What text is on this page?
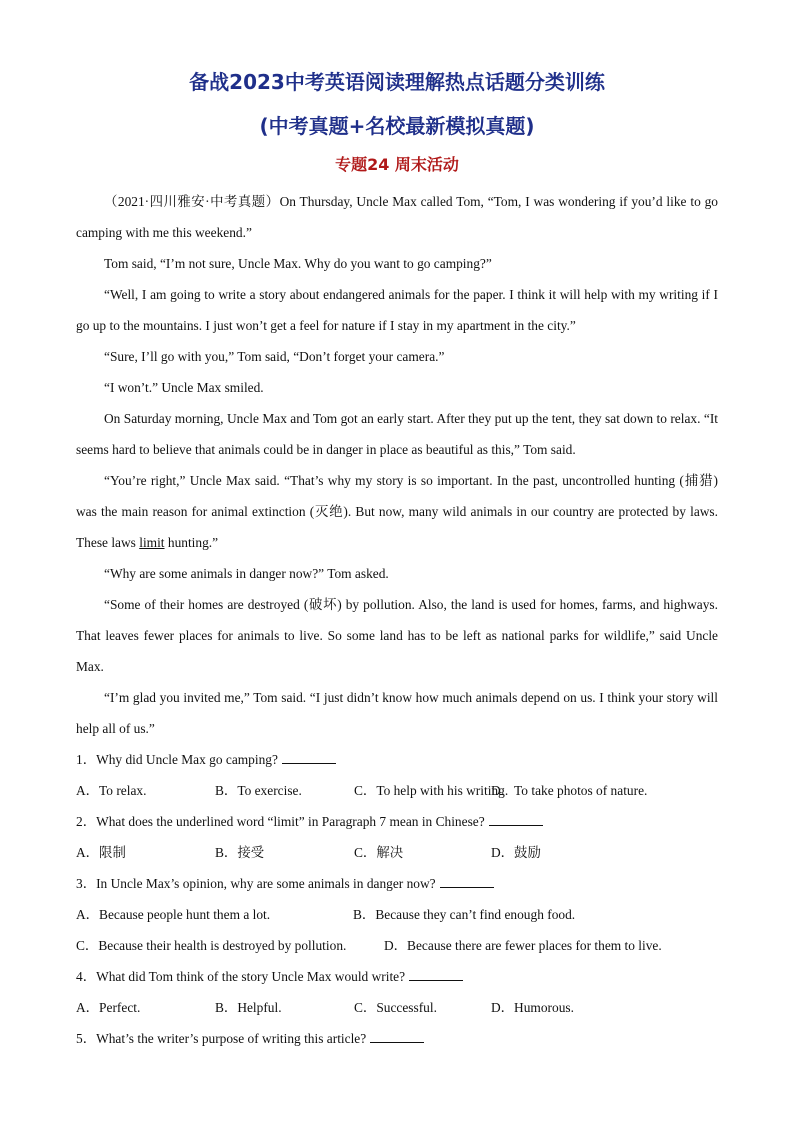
备战2023中考英语阅读理解热点话题分类训练
(中考真题+名校最新模拟真题)
专题24 周末活动

（2021·四川雅安·中考真题）On Thursday, Uncle Max called Tom, “Tom, I was wondering if you’d like to go camping with me this weekend.”

Tom said, “I’m not sure, Uncle Max. Why do you want to go camping?”

“Well, I am going to write a story about endangered animals for the paper. I think it will help with my writing if I go up to the mountains. I just won’t get a feel for nature if I stay in my apartment in the city.”

“Sure, I’ll go with you,” Tom said, “Don’t forget your camera.”

“I won’t.” Uncle Max smiled.

On Saturday morning, Uncle Max and Tom got an early start. After they put up the tent, they sat down to relax. “It seems hard to believe that animals could be in danger in place as beautiful as this,” Tom said.

“You’re right,” Uncle Max said. “That’s why my story is so important. In the past, uncontrolled hunting (捕猎) was the main reason for animal extinction (灭绝). But now, many wild animals in our country are protected by laws. These laws limit hunting.”

“Why are some animals in danger now?” Tom asked.

“Some of their homes are destroyed (破坏) by pollution. Also, the land is used for homes, farms, and highways. That leaves fewer places for animals to live. So some land has to be left as national parks for wildlife,” said Uncle Max.

“I’m glad you invited me,” Tom said. “I just didn’t know how much animals depend on us. I think your story will help all of us.”

1．Why did Uncle Max go camping?
A．To relax.	B．To exercise.	C．To help with his writing.
D．To take photos of nature.
2．What does the underlined word “limit” in Paragraph 7 mean in Chinese?
A．限制	B．接受	C．解决	D．鼓励
3．In Uncle Max’s opinion, why are some animals in danger now?
A．Because people hunt them a lot.	B．Because they can’t find enough food.
C．Because their health is destroyed by pollution.	D．Because there are fewer places for them to live.
4．What did Tom think of the story Uncle Max would write?
A．Perfect.	B．Helpful.	C．Successful.	D．Humorous.
5．What’s the writer’s purpose of writing this article?
